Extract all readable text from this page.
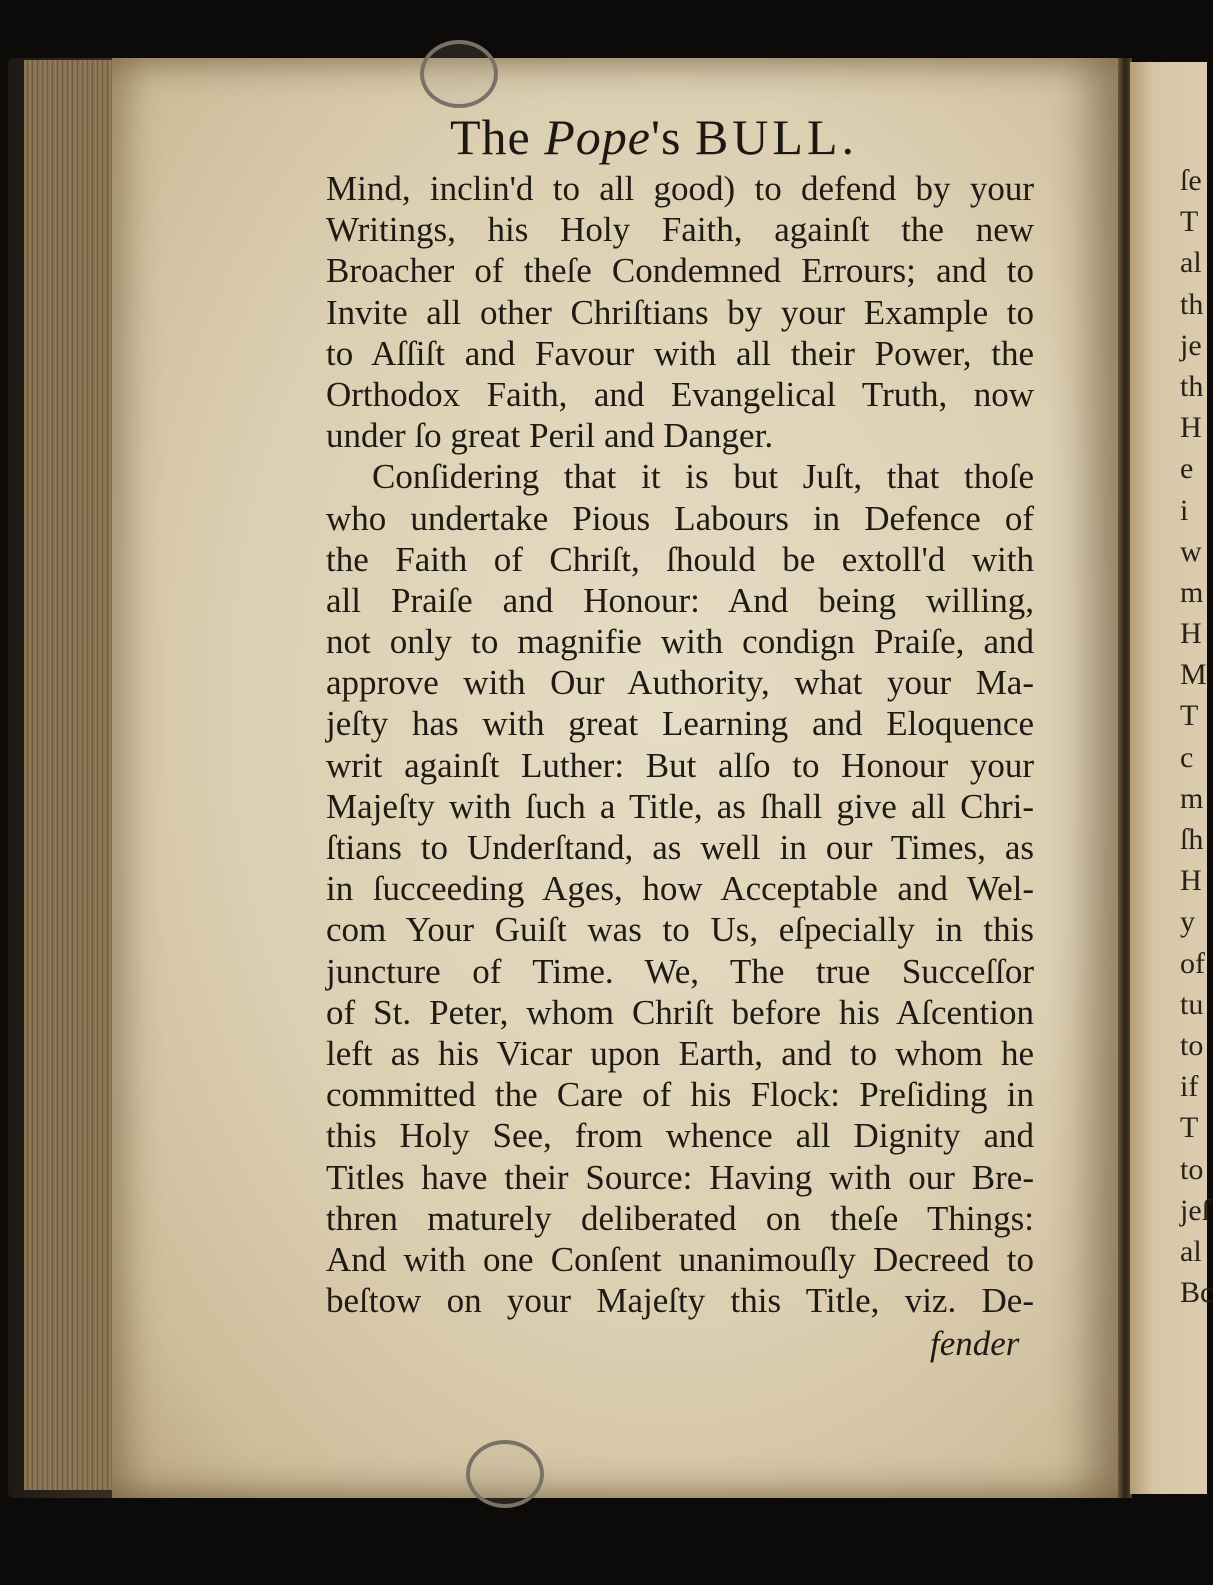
The Pope's BULL.
Mind, inclin'd to all good) to defend by your
Writings, his Holy Faith, againſt the new
Broacher of theſe Condemned Errours; and to
Invite all other Chriſtians by your Example to
to Aſſiſt and Favour with all their Power, the
Orthodox Faith, and Evangelical Truth, now
under ſo great Peril and Danger.
Conſidering that it is but Juſt, that thoſe
who undertake Pious Labours in Defence of
the Faith of Chriſt, ſhould be extoll'd with
all Praiſe and Honour: And being willing,
not only to magnifie with condign Praiſe, and
approve with Our Authority, what your Ma-
jeſty has with great Learning and Eloquence
writ againſt Luther: But alſo to Honour your
Majeſty with ſuch a Title, as ſhall give all Chri-
ſtians to Underſtand, as well in our Times, as
in ſucceeding Ages, how Acceptable and Wel-
com Your Guiſt was to Us, eſpecially in this
juncture of Time. We, The true Succeſſor
of St. Peter, whom Chriſt before his Aſcention
left as his Vicar upon Earth, and to whom he
committed the Care of his Flock: Preſiding in
this Holy See, from whence all Dignity and
Titles have their Source: Having with our Bre-
thren maturely deliberated on theſe Things:
And with one Conſent unanimouſly Decreed to
beſtow on your Majeſty this Title, viz. De-
fender
ſe
T
al
th
je
th
H
e
i
w
m
H
M
T
c
m
ſh
H
y
of
tu
to
if
T
to
jeſ
al
Bc
